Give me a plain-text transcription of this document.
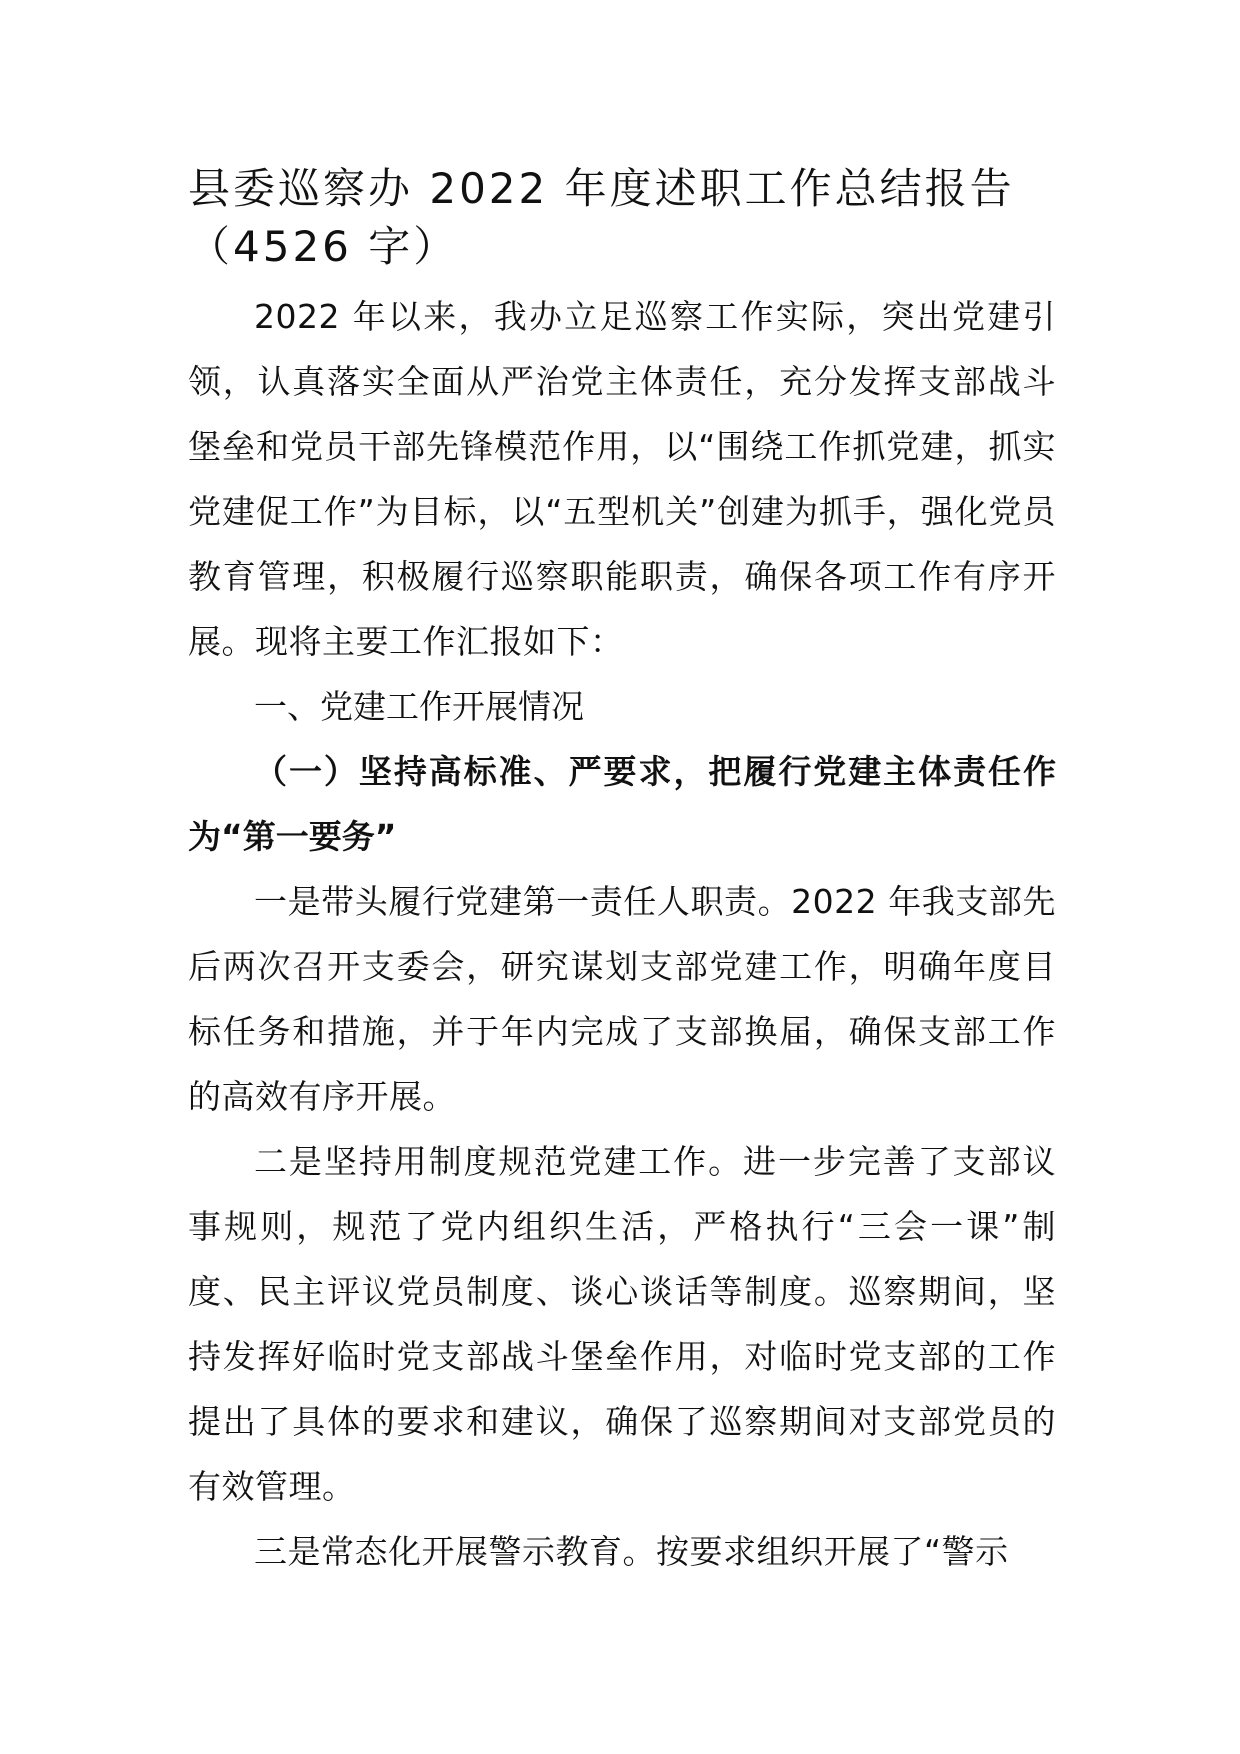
县委巡察办 2022 年度述职工作总结报告
（4526 字）

2022 年以来，我办立足巡察工作实际，突出党建引领，认真落实全面从严治党主体责任，充分发挥支部战斗堡垒和党员干部先锋模范作用，以“围绕工作抓党建，抓实党建促工作”为目标，以“五型机关”创建为抓手，强化党员教育管理，积极履行巡察职能职责，确保各项工作有序开展。现将主要工作汇报如下：

一、党建工作开展情况

（一）坚持高标准、严要求，把履行党建主体责任作为“第一要务”

一是带头履行党建第一责任人职责。2022 年我支部先后两次召开支委会，研究谋划支部党建工作，明确年度目标任务和措施，并于年内完成了支部换届，确保支部工作的高效有序开展。

二是坚持用制度规范党建工作。进一步完善了支部议事规则，规范了党内组织生活，严格执行“三会一课”制度、民主评议党员制度、谈心谈话等制度。巡察期间，坚持发挥好临时党支部战斗堡垒作用，对临时党支部的工作提出了具体的要求和建议，确保了巡察期间对支部党员的有效管理。

三是常态化开展警示教育。按要求组织开展了“警示
